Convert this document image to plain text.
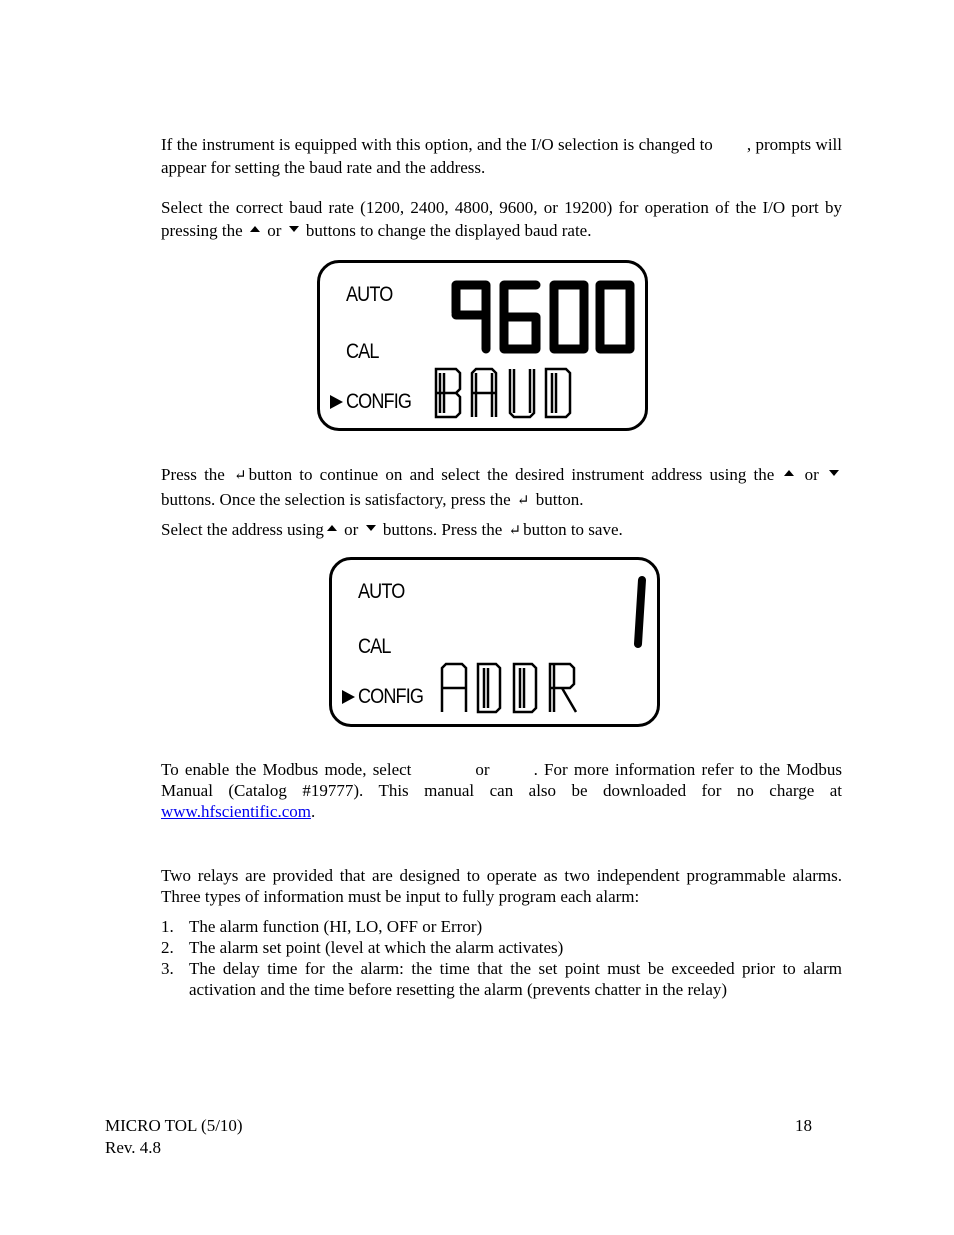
If the instrument is equipped with this option, and the I/O selection is changed to , prompts will appear for setting the baud rate and the address.

Select the correct baud rate (1200, 2400, 4800, 9600, or 19200) for operation of the I/O port by pressing the or buttons to change the displayed baud rate.

AUTO
CAL
CONFIG

Press the ↵ button to continue on and select the desired instrument address using the or  buttons. Once the selection is satisfactory, press the ↵ button.

Select the address using or buttons. Press the ↵ button to save.

AUTO
CAL
CONFIG

To enable the Modbus mode, select	or	. For more information refer to the Modbus Manual (Catalog #19777). This manual can also be downloaded for no charge at www.hfscientific.com.

Two relays are provided that are designed to operate as two independent programmable alarms. Three types of information must be input to fully program each alarm:

1. The alarm function (HI, LO, OFF or Error)
2. The alarm set point (level at which the alarm activates)
3. The delay time for the alarm: the time that the set point must be exceeded prior to alarm activation and the time before resetting the alarm (prevents chatter in the relay)
MICRO TOL (5/10)
Rev. 4.8
18
